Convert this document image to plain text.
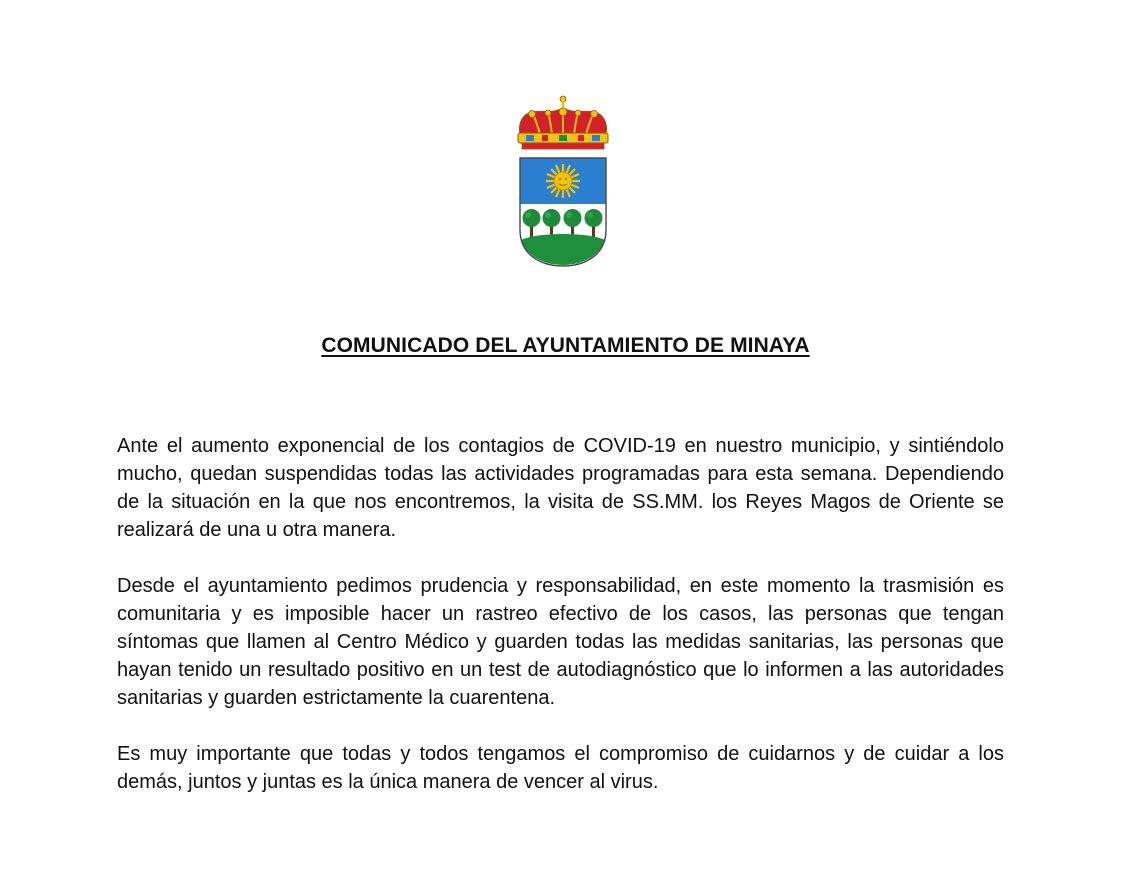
COMUNICADO DEL AYUNTAMIENTO DE MINAYA

Ante el aumento exponencial de los contagios de COVID-19 en nuestro municipio, y sintiéndolo mucho, quedan suspendidas todas las actividades programadas para esta semana. Dependiendo de la situación en la que nos encontremos, la visita de SS.MM. los Reyes Magos de Oriente se realizará de una u otra manera.

Desde el ayuntamiento pedimos prudencia y responsabilidad, en este momento la trasmisión es comunitaria y es imposible hacer un rastreo efectivo de los casos, las personas que tengan síntomas que llamen al Centro Médico y guarden todas las medidas sanitarias, las personas que hayan tenido un resultado positivo en un test de autodiagnóstico que lo informen a las autoridades sanitarias y guarden estrictamente la cuarentena.

Es muy importante que todas y todos tengamos el compromiso de cuidarnos y de cuidar a los demás, juntos y juntas es la única manera de vencer al virus.
